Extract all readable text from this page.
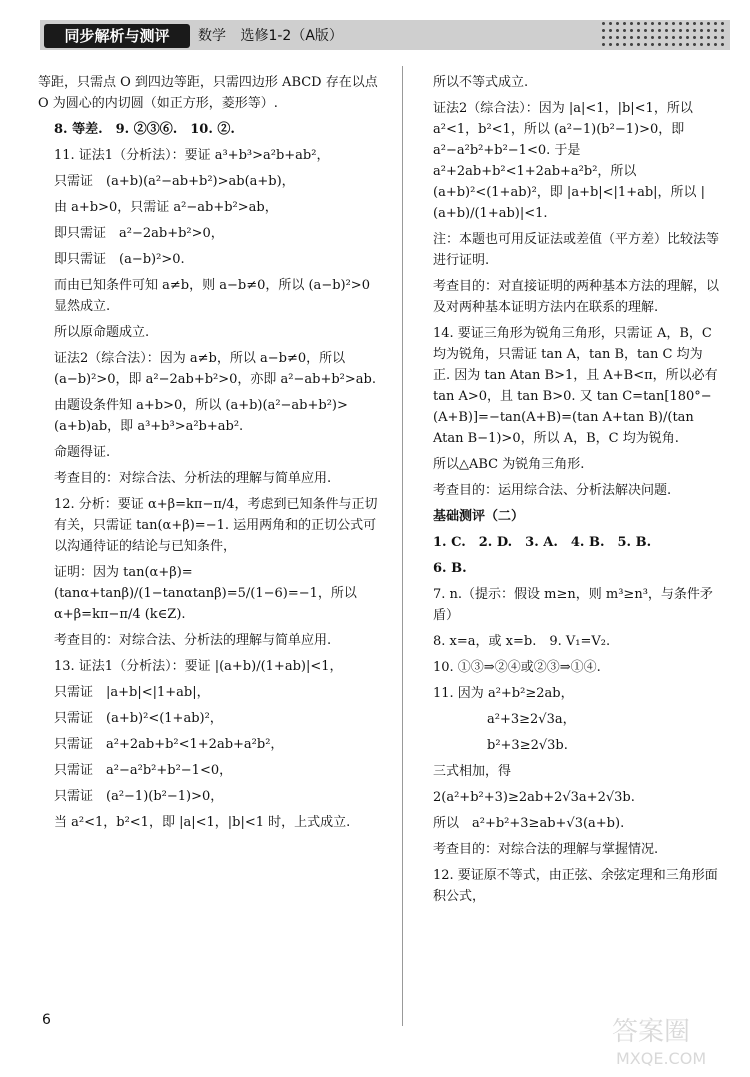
同步解析与测评	数学 选修1-2（A版）

等距，只需点 O 到四边等距，只需四边形 ABCD 存在以点 O 为圆心的内切圆（如正方形，菱形等）.

8. 等差.　9. ②③⑥.　10. ②.

11. 证法1（分析法）：要证 a³+b³>a²b+ab²，

只需证　(a+b)(a²−ab+b²)>ab(a+b)，

由 a+b>0，只需证 a²−ab+b²>ab，

即只需证　a²−2ab+b²>0，

即只需证　(a−b)²>0.

而由已知条件可知 a≠b，则 a−b≠0，所以 (a−b)²>0 显然成立.

所以原命题成立.

证法2（综合法）：因为 a≠b，所以 a−b≠0，所以 (a−b)²>0，即 a²−2ab+b²>0，亦即 a²−ab+b²>ab.

由题设条件知 a+b>0，所以 (a+b)(a²−ab+b²)>(a+b)ab，即 a³+b³>a²b+ab².

命题得证.

考查目的：对综合法、分析法的理解与简单应用.

12. 分析：要证 α+β=kπ−π/4，考虑到已知条件与正切有关，只需证 tan(α+β)=−1. 运用两角和的正切公式可以沟通待证的结论与已知条件，

证明：因为 tan(α+β)=(tanα+tanβ)/(1−tanαtanβ)=5/(1−6)=−1，所以 α+β=kπ−π/4 (k∈Z).

考查目的：对综合法、分析法的理解与简单应用.

13. 证法1（分析法）：要证 |(a+b)/(1+ab)|<1，

只需证　|a+b|<|1+ab|，

只需证　(a+b)²<(1+ab)²，

只需证　a²+2ab+b²<1+2ab+a²b²，

只需证　a²−a²b²+b²−1<0，

只需证　(a²−1)(b²−1)>0，

当 a²<1，b²<1，即 |a|<1，|b|<1 时，上式成立.

所以不等式成立.

证法2（综合法）：因为 |a|<1，|b|<1，所以 a²<1，b²<1，所以 (a²−1)(b²−1)>0，即 a²−a²b²+b²−1<0. 于是 a²+2ab+b²<1+2ab+a²b²，所以 (a+b)²<(1+ab)²，即 |a+b|<|1+ab|，所以 |(a+b)/(1+ab)|<1.

注：本题也可用反证法或差值（平方差）比较法等进行证明.

考查目的：对直接证明的两种基本方法的理解，以及对两种基本证明方法内在联系的理解.

14. 要证三角形为锐角三角形，只需证 A，B，C 均为锐角，只需证 tan A，tan B，tan C 均为正. 因为 tan Atan B>1，且 A+B<π，所以必有 tan A>0，且 tan B>0. 又 tan C=tan[180°−(A+B)]=−tan(A+B)=(tan A+tan B)/(tan Atan B−1)>0，所以 A，B，C 均为锐角.

所以△ABC 为锐角三角形.

考查目的：运用综合法、分析法解决问题.

基础测评（二）

1. C.　2. D.　3. A.　4. B.　5. B.

6. B.

7. n.（提示：假设 m≥n，则 m³≥n³，与条件矛盾）

8. x=a，或 x=b.　9. V₁=V₂.

10. ①③⇒②④或②③⇒①④.

11. 因为 a²+b²≥2ab，

a²+3≥2√3a，

b²+3≥2√3b.

三式相加，得

2(a²+b²+3)≥2ab+2√3a+2√3b.

所以　a²+b²+3≥ab+√3(a+b).

考查目的：对综合法的理解与掌握情况.

12. 要证原不等式，由正弦、余弦定理和三角形面积公式，

6	答案圈
MXQE.COM
